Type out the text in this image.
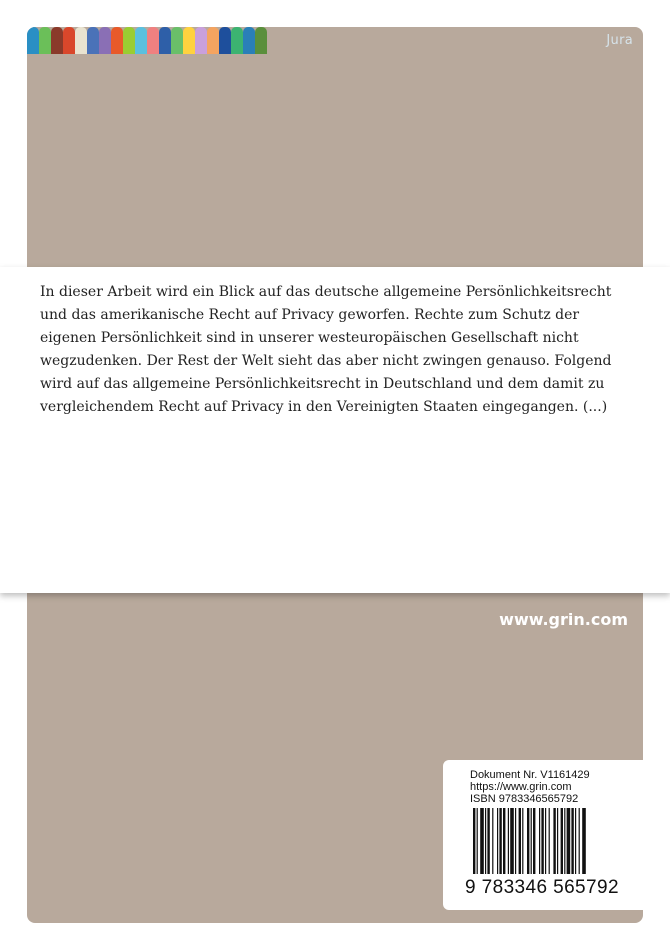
Jura
www.grin.com
Dokument Nr. V1161429
https://www.grin.com
ISBN 9783346565792
9 783346 565792

In dieser Arbeit wird ein Blick auf das deutsche allgemeine Persönlichkeitsrecht und das amerikanische Recht auf Privacy geworfen. Rechte zum Schutz der eigenen Persönlichkeit sind in unserer westeuropäischen Gesellschaft nicht wegzudenken. Der Rest der Welt sieht das aber nicht zwingen genauso. Folgend wird auf das allgemeine Persönlichkeitsrecht in Deutschland und dem damit zu vergleichendem Recht auf Privacy in den Vereinigten Staaten eingegangen. (...)
